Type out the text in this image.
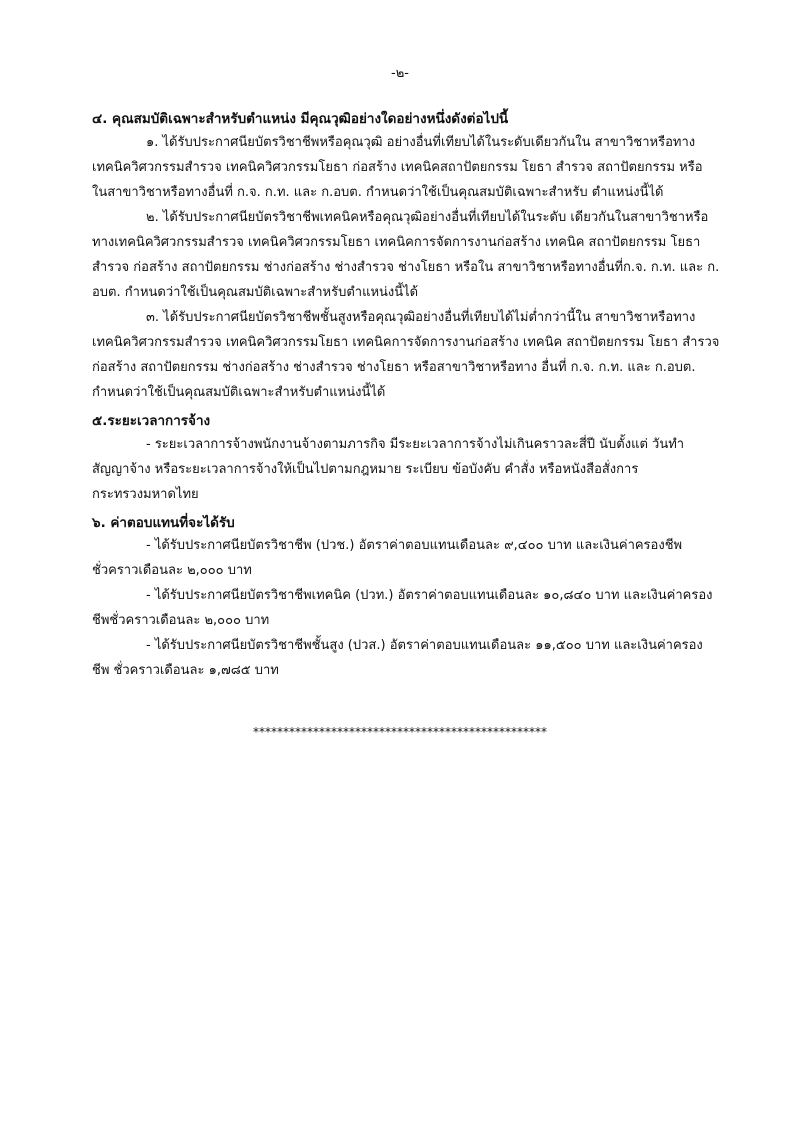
-๒-
๔. คุณสมบัติเฉพาะสำหรับตำแหน่ง มีคุณวุฒิอย่างใดอย่างหนึ่งดังต่อไปนี้
๑. ได้รับประกาศนียบัตรวิชาชีพหรือคุณวุฒิ อย่างอื่นที่เทียบได้ในระดับเดียวกันใน สาขาวิชาหรือทาง
เทคนิควิศวกรรมสำรวจ เทคนิควิศวกรรมโยธา ก่อสร้าง เทคนิคสถาปัตยกรรม โยธา สำรวจ สถาปัตยกรรม หรือ
ในสาขาวิชาหรือทางอื่นที่ ก.จ. ก.ท. และ ก.อบต. กำหนดว่าใช้เป็นคุณสมบัติเฉพาะสำหรับ ตำแหน่งนี้ได้
๒. ได้รับประกาศนียบัตรวิชาชีพเทคนิคหรือคุณวุฒิอย่างอื่นที่เทียบได้ในระดับ เดียวกันในสาขาวิชาหรือ
ทางเทคนิควิศวกรรมสำรวจ เทคนิควิศวกรรมโยธา เทคนิคการจัดการงานก่อสร้าง เทคนิค สถาปัตยกรรม โยธา
สำรวจ ก่อสร้าง สถาปัตยกรรม ช่างก่อสร้าง ช่างสำรวจ ช่างโยธา หรือใน สาขาวิชาหรือทางอื่นที่ก.จ. ก.ท. และ ก.
อบต. กำหนดว่าใช้เป็นคุณสมบัติเฉพาะสำหรับตำแหน่งนี้ได้
๓. ได้รับประกาศนียบัตรวิชาชีพชั้นสูงหรือคุณวุฒิอย่างอื่นที่เทียบได้ไม่ต่ำกว่านี้ใน สาขาวิชาหรือทาง
เทคนิควิศวกรรมสำรวจ เทคนิควิศวกรรมโยธา เทคนิคการจัดการงานก่อสร้าง เทคนิค สถาปัตยกรรม โยธา สำรวจ
ก่อสร้าง สถาปัตยกรรม ช่างก่อสร้าง ช่างสำรวจ ช่างโยธา หรือสาขาวิชาหรือทาง อื่นที่ ก.จ. ก.ท. และ ก.อบต.
กำหนดว่าใช้เป็นคุณสมบัติเฉพาะสำหรับตำแหน่งนี้ได้
๕.ระยะเวลาการจ้าง
- ระยะเวลาการจ้างพนักงานจ้างตามภารกิจ มีระยะเวลาการจ้างไม่เกินคราวละสี่ปี นับตั้งแต่ วันทำ
สัญญาจ้าง หรือระยะเวลาการจ้างให้เป็นไปตามกฎหมาย ระเบียบ ข้อบังคับ คำสั่ง หรือหนังสือสั่งการ
กระทรวงมหาดไทย
๖. ค่าตอบแทนที่จะได้รับ
- ได้รับประกาศนียบัตรวิชาชีพ (ปวช.) อัตราค่าตอบแทนเดือนละ ๙,๔๐๐ บาท และเงินค่าครองชีพ
ชั่วคราวเดือนละ ๒,๐๐๐ บาท
- ได้รับประกาศนียบัตรวิชาชีพเทคนิค (ปวท.) อัตราค่าตอบแทนเดือนละ ๑๐,๘๔๐ บาท และเงินค่าครอง
ชีพชั่วคราวเดือนละ ๒,๐๐๐ บาท
- ได้รับประกาศนียบัตรวิชาชีพชั้นสูง (ปวส.) อัตราค่าตอบแทนเดือนละ ๑๑,๕๐๐ บาท และเงินค่าครอง
ชีพ ชั่วคราวเดือนละ ๑,๗๘๕ บาท
*************************************************
